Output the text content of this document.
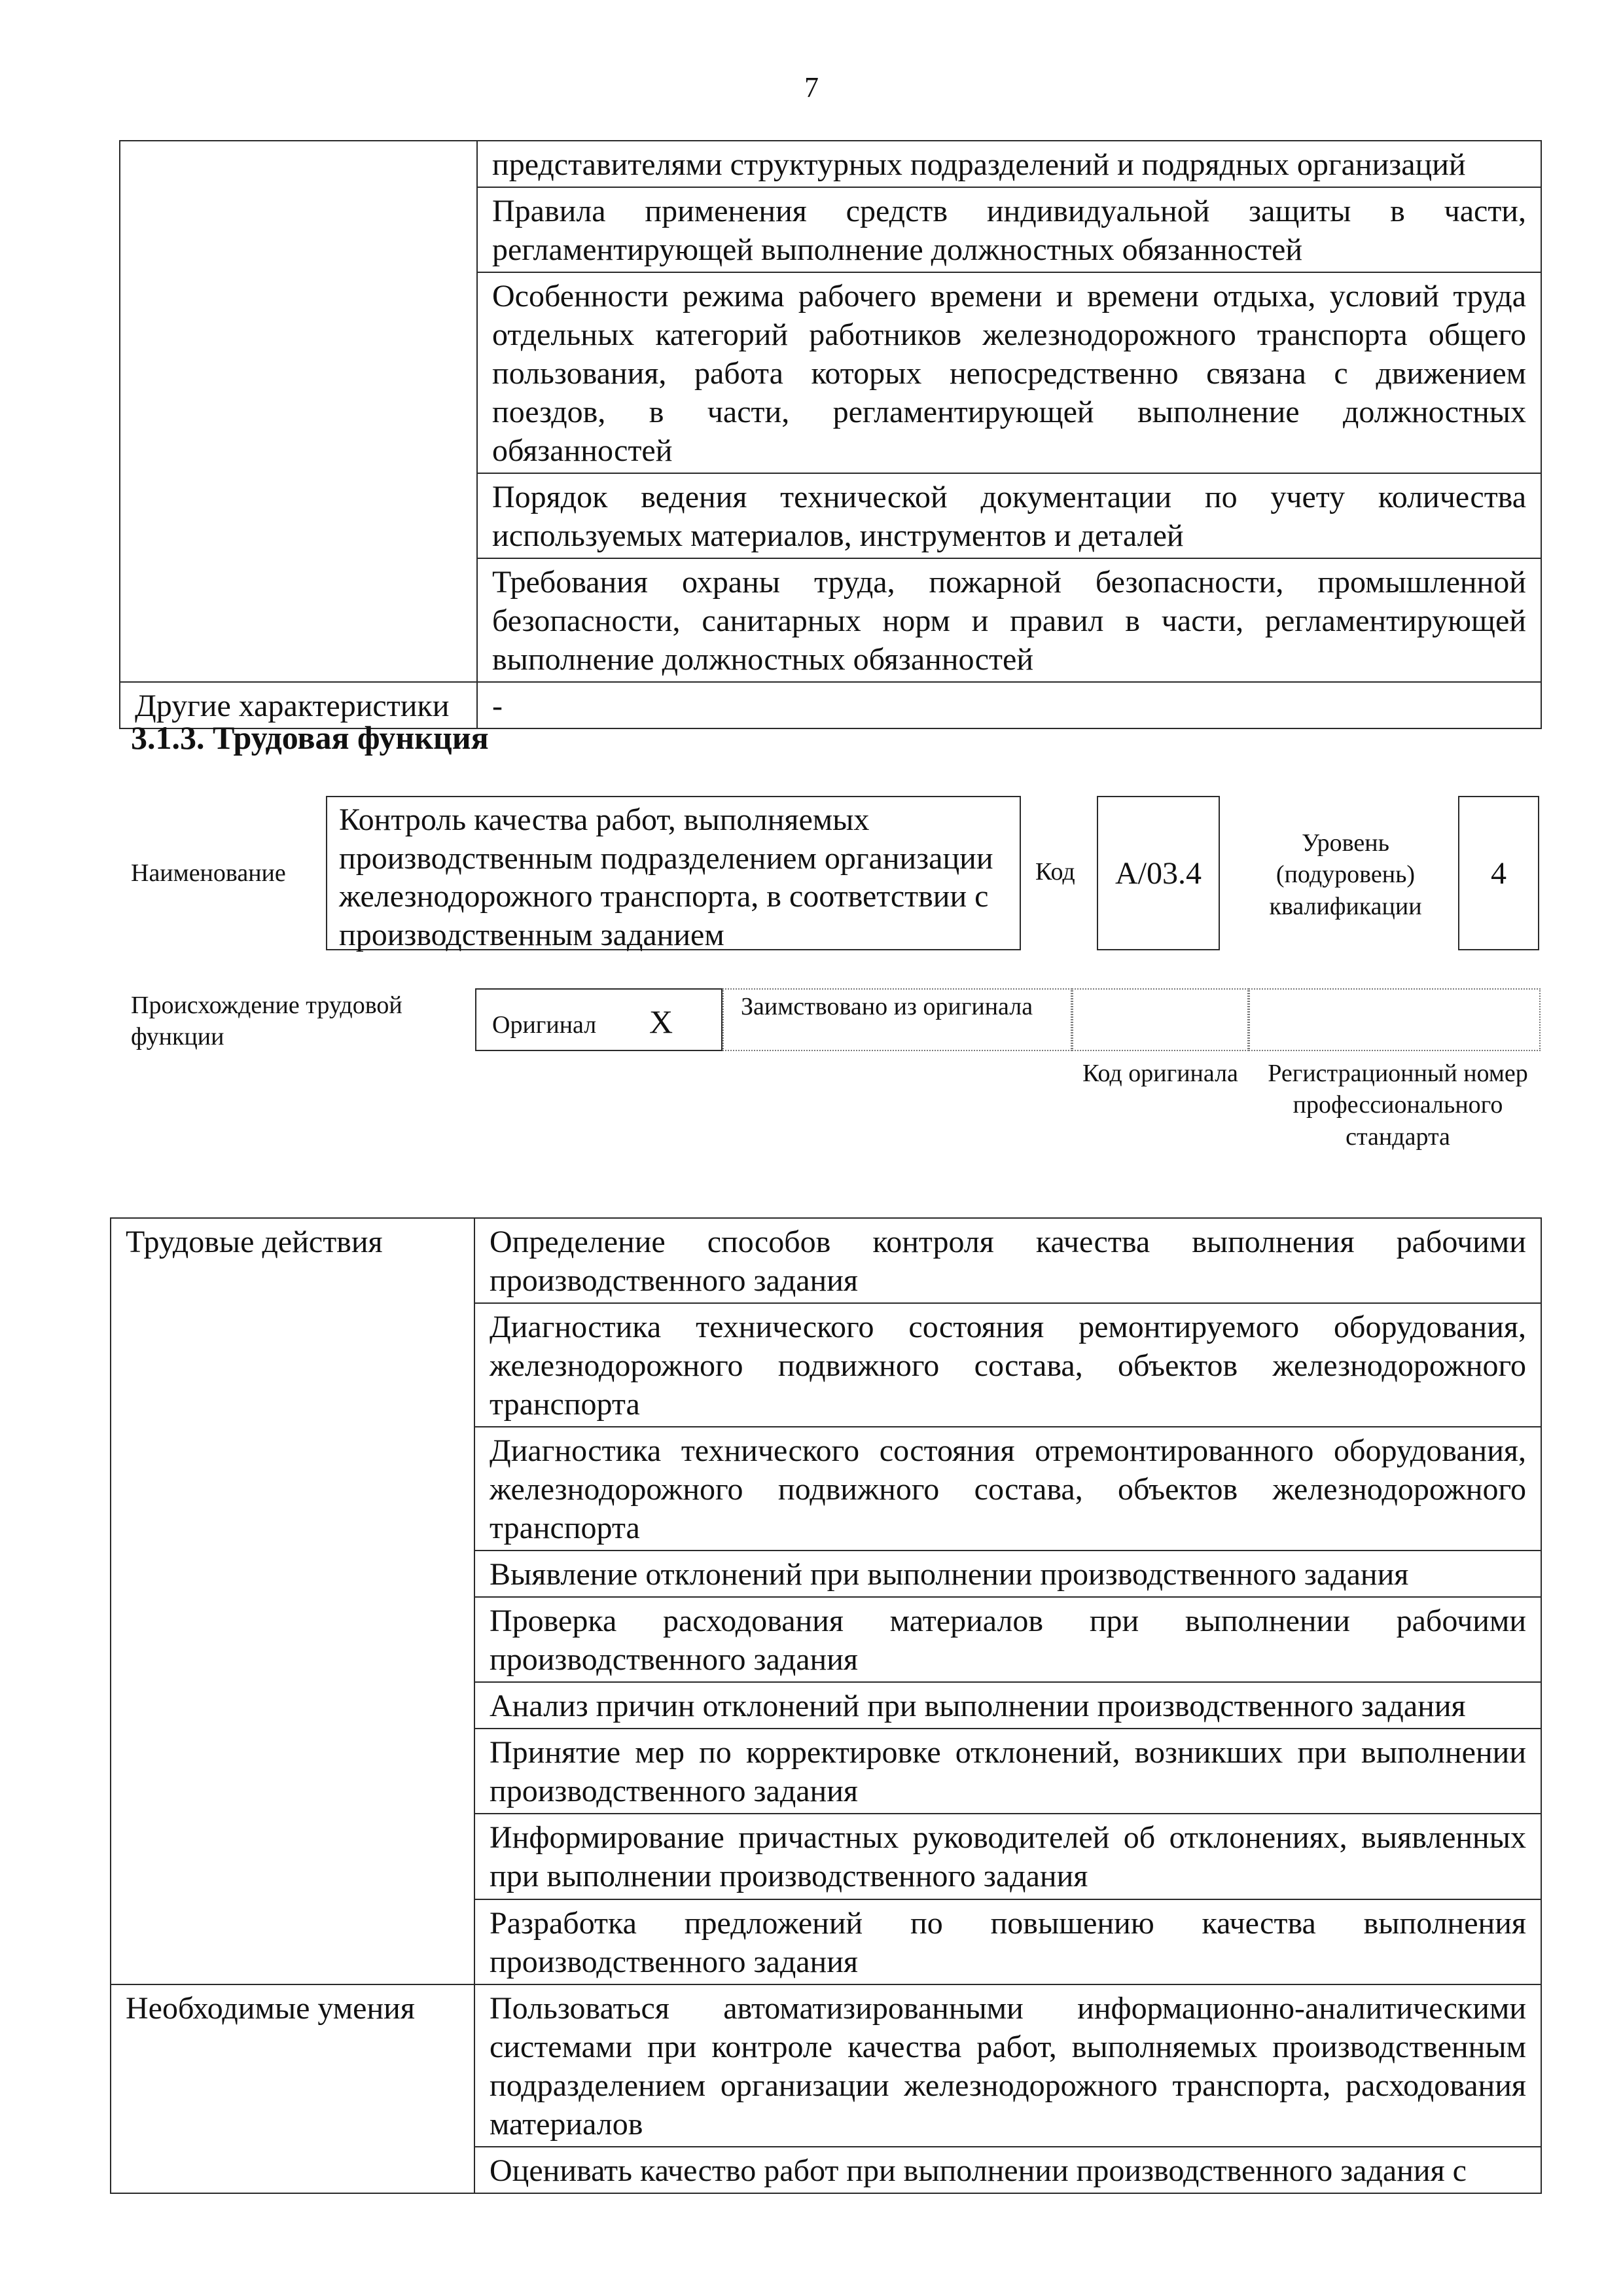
7
	представителями структурных подразделений и подрядных организаций
	Правила применения средств индивидуальной защиты в части, регламентирующей выполнение должностных обязанностей
	Особенности режима рабочего времени и времени отдыха, условий труда отдельных категорий работников железнодорожного транспорта общего пользования, работа которых непосредственно связана с движением поездов, в части, регламентирующей выполнение должностных обязанностей
	Порядок ведения технической документации по учету количества используемых материалов, инструментов и деталей
	Требования охраны труда, пожарной безопасности, промышленной безопасности, санитарных норм и правил в части, регламентирующей выполнение должностных обязанностей
Другие характеристики	-
3.1.3. Трудовая функция
Наименование
Контроль качества работ, выполняемых производственным подразделением организации железнодорожного транспорта, в соответствии с производственным заданием
Код A/03.4
Уровень (подуровень) квалификации
4
Происхождение трудовой функции	Оригинал X	Заимствовано из оригинала
Код оригинала	Регистрационный номер профессионального стандарта
Трудовые действия	Определение способов контроля качества выполнения рабочими производственного задания
	Диагностика технического состояния ремонтируемого оборудования, железнодорожного подвижного состава, объектов железнодорожного транспорта
	Диагностика технического состояния отремонтированного оборудования, железнодорожного подвижного состава, объектов железнодорожного транспорта
	Выявление отклонений при выполнении производственного задания
	Проверка расходования материалов при выполнении рабочими производственного задания
	Анализ причин отклонений при выполнении производственного задания
	Принятие мер по корректировке отклонений, возникших при выполнении производственного задания
	Информирование причастных руководителей об отклонениях, выявленных при выполнении производственного задания
	Разработка предложений по повышению качества выполнения производственного задания
Необходимые умения	Пользоваться автоматизированными информационно-аналитическими системами при контроле качества работ, выполняемых производственным подразделением организации железнодорожного транспорта, расходования материалов
	Оценивать качество работ при выполнении производственного задания с
